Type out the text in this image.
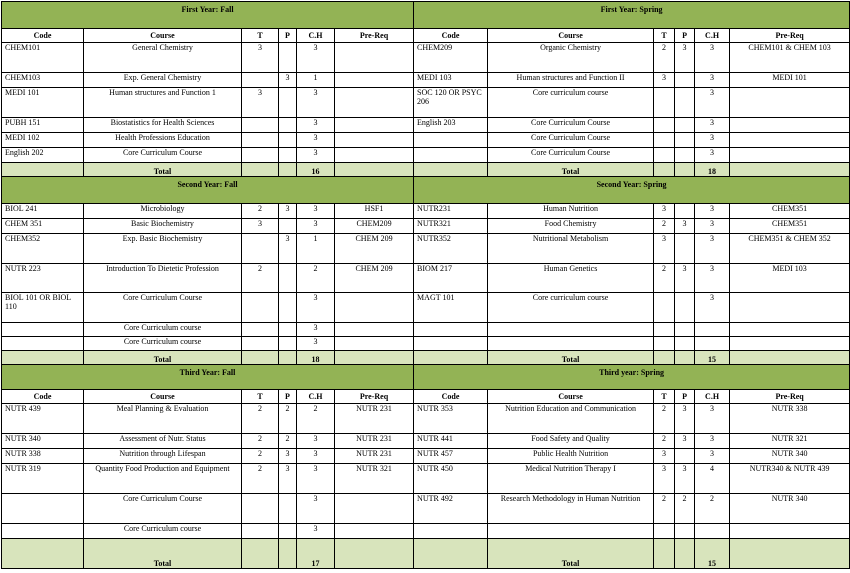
First Year: Fall						First Year: Spring					
Code	Course	T	P	C.H	Pre-Req	Code	Course	T	P	C.H	Pre-Req
CHEM101	General Chemistry	3		3		CHEM209	Organic Chemistry	2	3	3	CHEM101 & CHEM 103
CHEM103	Exp. General Chemistry		3	1		MEDI 103	Human structures and Function II	3		3	MEDI 101
MEDI 101	Human structures and Function 1	3		3		SOC 120 OR PSYC 206	Core curriculum course			3	
PUBH 151	Biostatistics for Health Sciences			3		English 203	Core Curriculum Course			3	
MEDI 102	Health Professions Education			3			Core Curriculum Course			3	
English 202	Core Curriculum Course			3			Core Curriculum Course			3	
	Total			16			Total			18	
Second Year: Fall						Second Year: Spring					
BIOL 241	Microbiology	2	3	3	HSF1	NUTR231	Human Nutrition	3		3	CHEM351
CHEM 351	Basic Biochemistry	3		3	CHEM209	NUTR321	Food Chemistry	2	3	3	CHEM351
CHEM352	Exp. Basic Biochemistry		3	1	CHEM 209	NUTR352	Nutritional Metabolism	3		3	CHEM351 & CHEM 352
NUTR 223	Introduction To Dietetic Profession	2		2	CHEM 209	BIOM 217	Human Genetics	2	3	3	MEDI 103
BIOL 101 OR BIOL 110	Core Curriculum Course			3		MAGT 101	Core curriculum course			3	
	Core Curriculum course			3							
	Core Curriculum course			3							
	Total			18			Total			15	
Third Year: Fall						Third year: Spring					
Code	Course	T	P	C.H	Pre-Req	Code	Course	T	P	C.H	Pre-Req
NUTR 439	Meal Planning & Evaluation	2	2	2	NUTR 231	NUTR 353	Nutrition Education and Communication	2	3	3	NUTR 338
NUTR 340	Assessment of Nutr. Status	2	2	3	NUTR 231	NUTR 441	Food Safety and Quality	2	3	3	NUTR 321
NUTR 338	Nutrition through Lifespan	2	3	3	NUTR 231	NUTR 457	Public Health Nutrition	3		3	NUTR 340
NUTR 319	Quantity Food Production and Equipment	2	3	3	NUTR 321	NUTR 450	Medical Nutrition Therapy I	3	3	4	NUTR340 & NUTR 439
	Core Curriculum Course			3		NUTR 492	Research Methodology in Human Nutrition	2	2	2	NUTR 340
	Core Curriculum course			3							
	Total			17			Total			15	
